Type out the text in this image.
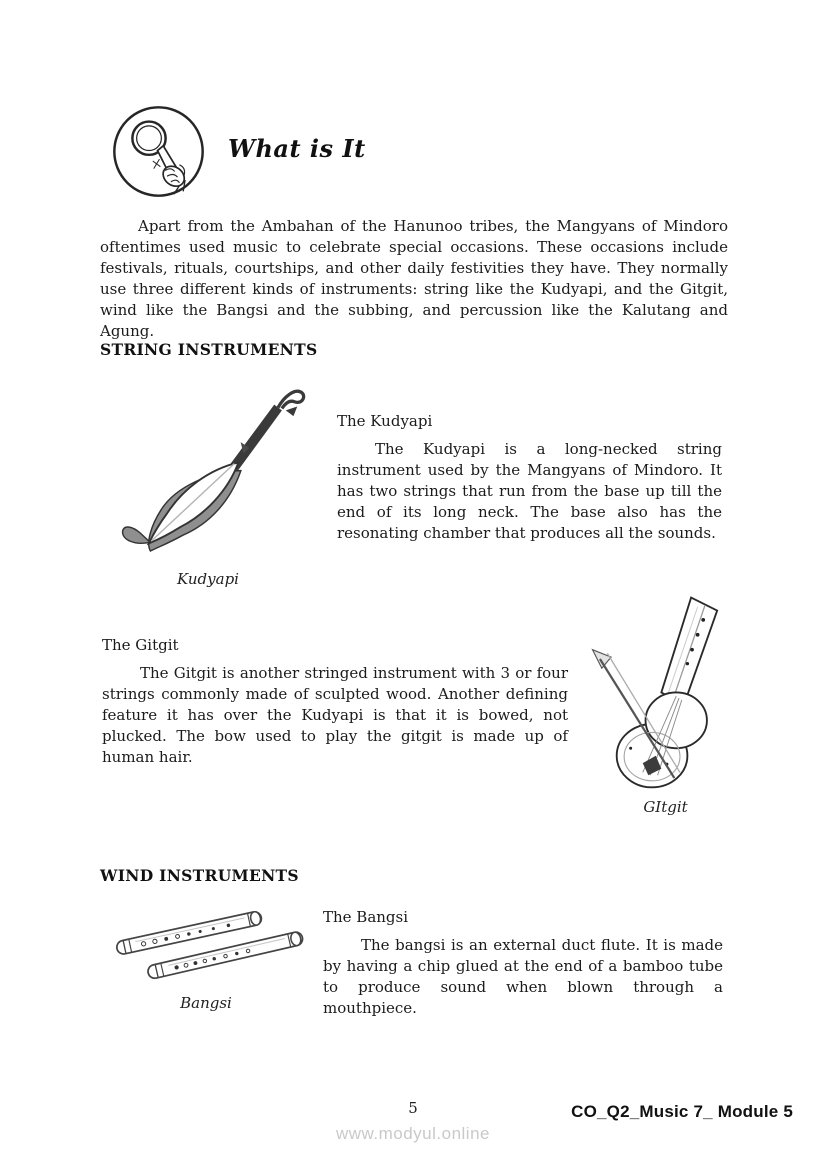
What is It

Apart from the Ambahan of the Hanunoo tribes, the Mangyans of Mindoro oftentimes used music to celebrate special occasions. These occasions include festivals, rituals, courtships, and other daily festivities they have. They normally use three different kinds of instruments: string like the Kudyapi, and the Gitgit, wind like the Bangsi and the subbing, and percussion like the Kalutang and Agung.

STRING INSTRUMENTS
Kudyapi
The Kudyapi

The Kudyapi is a long-necked string instrument used by the Mangyans of Mindoro. It has two strings that run from the base up till the end of its long neck. The base also has the resonating chamber that produces all the sounds.

The Gitgit

The Gitgit is another stringed instrument with 3 or four strings commonly made of sculpted wood. Another defining feature it has over the Kudyapi is that it is bowed, not plucked. The bow used to play the gitgit is made up of human hair.

GItgit
WIND INSTRUMENTS
Bangsi
The Bangsi

The bangsi is an external duct flute. It is made by having a chip glued at the end of a bamboo tube to produce sound when blown through a mouthpiece.

5
www.modyul.online
CO_Q2_Music 7_ Module 5
